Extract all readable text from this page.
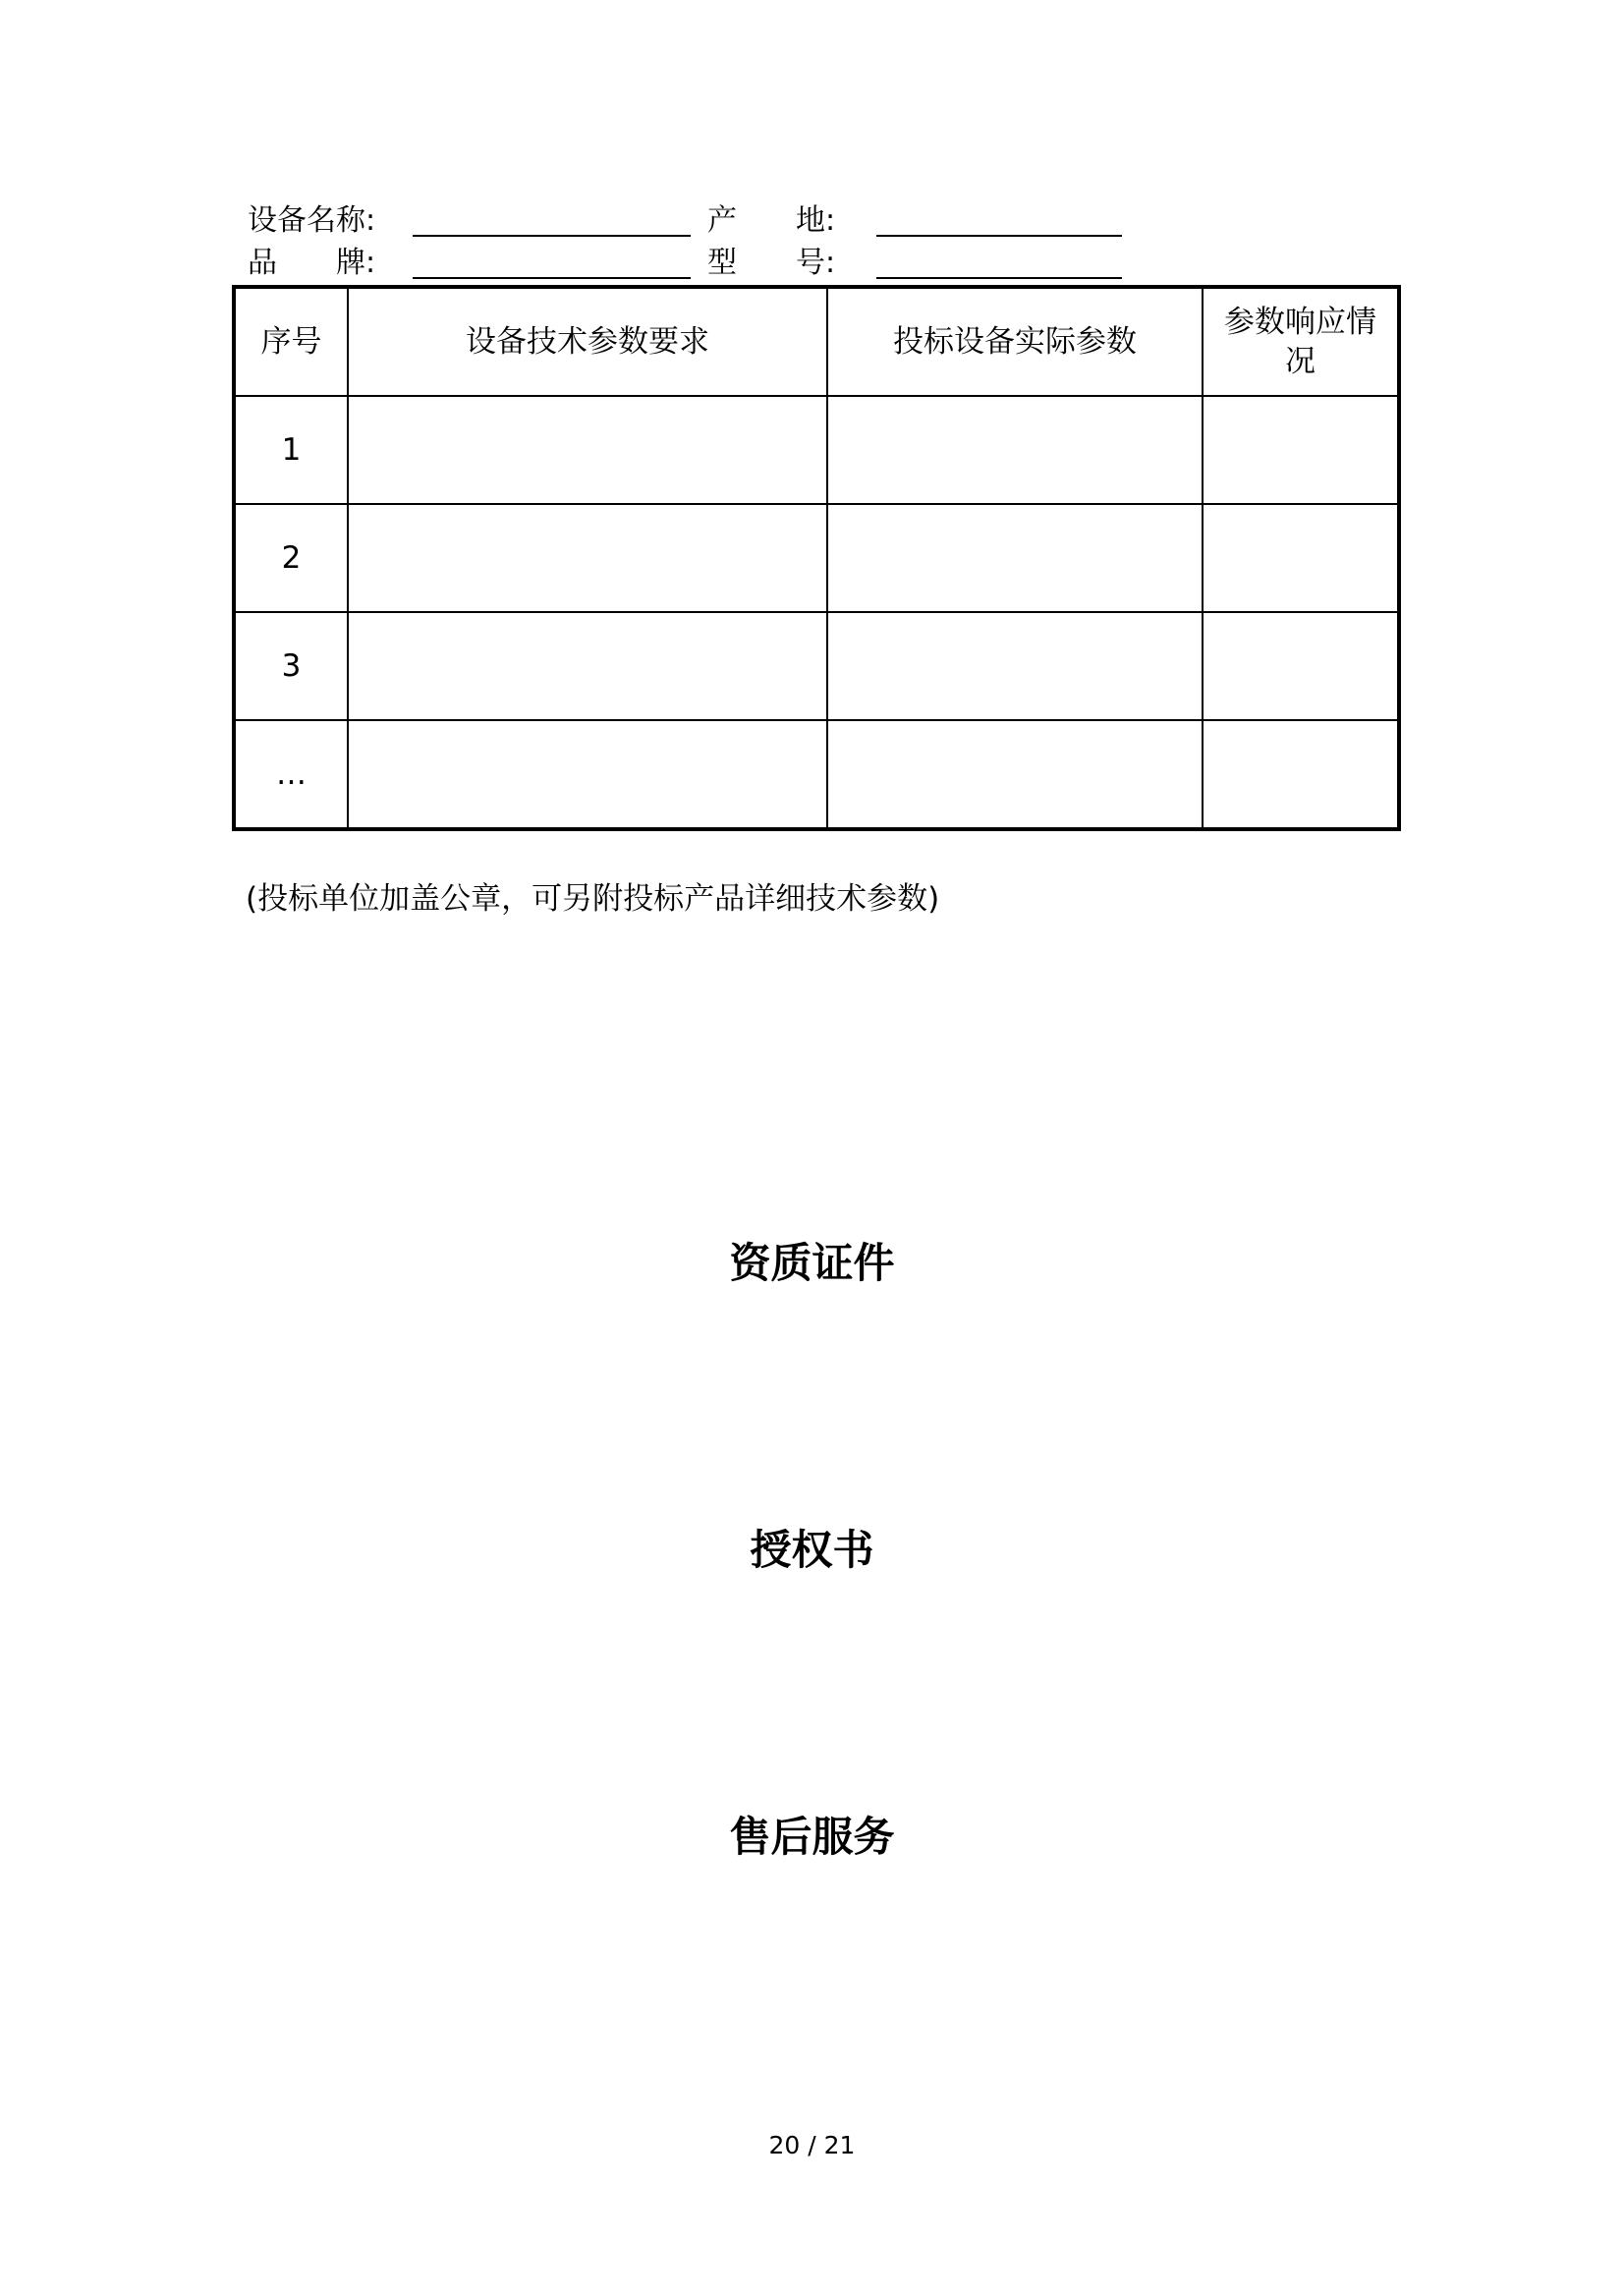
设备名称:	产　　地:
品　　牌:	型　　号:
序号	设备技术参数要求	投标设备实际参数	参数响应情况
1			
2			
3			
…			
(投标单位加盖公章，可另附投标产品详细技术参数)
资质证件
授权书
售后服务
20 / 21
